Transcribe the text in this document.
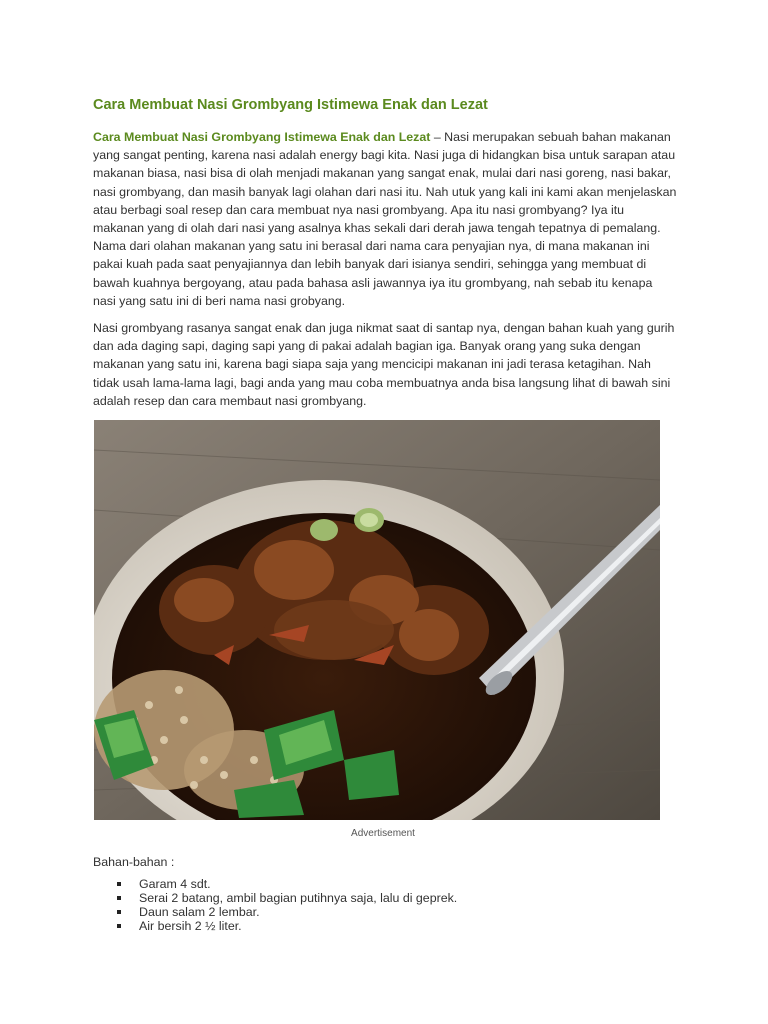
Cara Membuat Nasi Grombyang Istimewa Enak dan Lezat

Cara Membuat Nasi Grombyang Istimewa Enak dan Lezat – Nasi merupakan sebuah bahan makanan yang sangat penting, karena nasi adalah energy bagi kita. Nasi juga di hidangkan bisa untuk sarapan atau makanan biasa, nasi bisa di olah menjadi makanan yang sangat enak, mulai dari nasi goreng, nasi bakar, nasi grombyang, dan masih banyak lagi olahan dari nasi itu. Nah utuk yang kali ini kami akan menjelaskan atau berbagi soal resep dan cara membuat nya nasi grombyang. Apa itu nasi grombyang? Iya itu makanan yang di olah dari nasi yang asalnya khas sekali dari derah jawa tengah tepatnya di pemalang. Nama dari olahan makanan yang satu ini berasal dari nama cara penyajian nya, di mana makanan ini pakai kuah pada saat penyajiannya dan lebih banyak dari isianya sendiri, sehingga yang membuat di bawah kuahnya bergoyang, atau pada bahasa asli jawannya iya itu grombyang, nah sebab itu kenapa nasi yang satu ini di beri nama nasi grobyang.

Nasi grombyang rasanya sangat enak dan juga nikmat saat di santap nya, dengan bahan kuah yang gurih dan ada daging sapi, daging sapi yang di pakai adalah bagian iga. Banyak orang yang suka dengan makanan yang satu ini, karena bagi siapa saja yang mencicipi makanan ini jadi terasa ketagihan. Nah tidak usah lama-lama lagi, bagi anda yang mau coba membuatnya anda bisa langsung lihat di bawah sini adalah resep dan cara membaut nasi grombyang.

Advertisement
Bahan-bahan :
Garam 4 sdt.
Serai 2 batang, ambil bagian putihnya saja, lalu di geprek.
Daun salam 2 lembar.
Air bersih 2 ½ liter.
